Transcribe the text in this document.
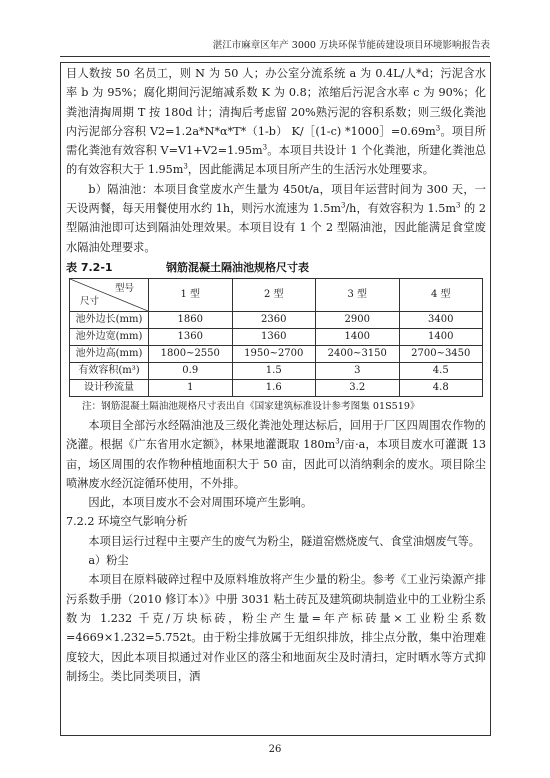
湛江市麻章区年产 3000 万块环保节能砖建设项目环境影响报告表

目人数按 50 名员工，则 N 为 50 人；办公室分流系统 a 为 0.4L/人*d；污泥含水率 b 为 95%；腐化期间污泥缩减系数 K 为 0.8；浓缩后污泥含水率 c 为 90%；化粪池清掏周期 T 按 180d 计；清掏后考虑留 20%熟污泥的容积系数；则三级化粪池内污泥部分容积 V2=1.2a*N*α*T*（1-b） K/［(1-c) $*1000]=0.69m^3$。项目所需化粪池有效容积 $V=V1+V2=1.95m^3$。本项目共设计 1 个化粪池，所建化粪池总的有效容积大于 $1.95m^3$，因此能满足本项目所产生的生活污水处理要求。

b）隔油池：本项目食堂废水产生量为 450t/a，项目年运营时间为 300 天，一天设两餐，每天用餐使用水约 1h，则污水流速为 $1.5m^3/h$，有效容积为 $1.5m^3$ 的 2 型隔油池即可达到隔油处理效果。本项目设有 1 个 2 型隔油池，因此能满足食堂废水隔油处理要求。

表 7.2-1	钢筋混凝土隔油池规格尺寸表
型号
尺寸	1 型	2 型	3 型	4 型
池外边长(mm)	1860	2360	2900	3400
池外边宽(mm)	1360	1360	1400	1400
池外边高(mm)	1800~2550	1950~2700	2400~3150	2700~3450
有效容积(m³)	0.9	1.5	3	4.5
设计秒流量	1	1.6	3.2	4.8
注：钢筋混凝土隔油池规格尺寸表出自《国家建筑标准设计参考图集 01S519》

本项目全部污水经隔油池及三级化粪池处理达标后，回用于厂区四周围农作物的浇灌。根据《广东省用水定额》，林果地灌溉取 $180m^3/$亩·a，本项目废水可灌溉 13 亩，场区周围的农作物种植地面积大于 50 亩，因此可以消纳剩余的废水。项目除尘喷淋废水经沉淀循环使用，不外排。

因此，本项目废水不会对周围环境产生影响。

7.2.2 环境空气影响分析

本项目运行过程中主要产生的废气为粉尘，隧道窑燃烧废气、食堂油烟废气等。

a）粉尘

本项目在原料破碎过程中及原料堆放将产生少量的粉尘。参考《工业污染源产排污系数手册（2010 修订本）》中册 3031 粘土砖瓦及建筑砌块制造业中的工业粉尘系数为 1.232 千克/万块标砖，粉尘产生量=年产标砖量×工业粉尘系数=4669×1.232=5.752t。由于粉尘排放属于无组织排放，排尘点分散，集中治理难度较大，因此本项目拟通过对作业区的落尘和地面灰尘及时清扫，定时晒水等方式抑制扬尘。类比同类项目，洒

26
